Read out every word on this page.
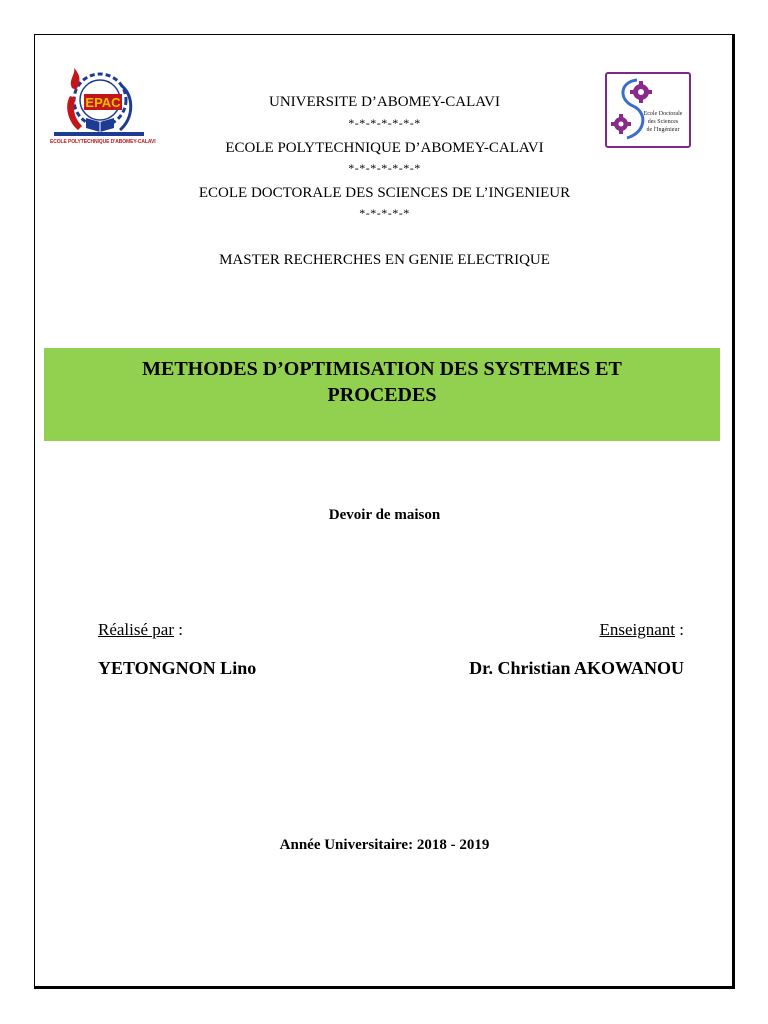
EPAC
ECOLE POLYTECHNIQUE D'ABOMEY-CALAVI
Ecole Doctorale
des Sciences
de l'Ingénieur
UNIVERSITE D’ABOMEY-CALAVI
*-*-*-*-*-*-*
ECOLE POLYTECHNIQUE D’ABOMEY-CALAVI
*-*-*-*-*-*-*
ECOLE DOCTORALE DES SCIENCES DE L’INGENIEUR
*-*-*-*-*
MASTER RECHERCHES EN GENIE ELECTRIQUE
METHODES D’OPTIMISATION DES SYSTEMES ET
PROCEDES
Devoir de maison
Réalisé par :	Enseignant :
YETONGNON Lino	Dr. Christian AKOWANOU
Année Universitaire: 2018 - 2019
